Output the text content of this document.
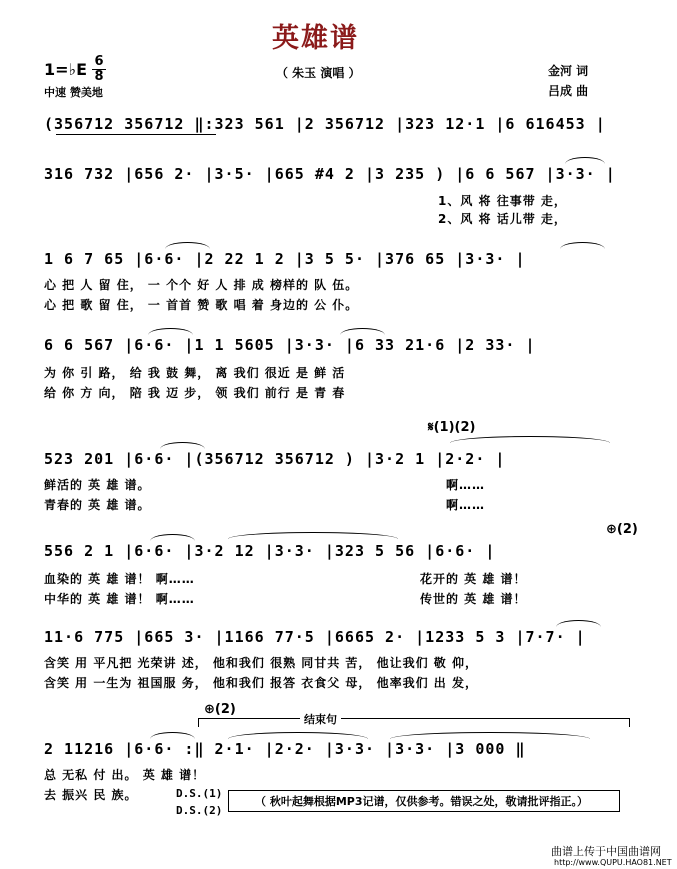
英雄谱
1=♭E 6
8
中速 赞美地
（ 朱玉 演唱 ）	金河 词
吕成 曲
(356712 356712 ‖:323 561 |2 356712 |323 12·1 |6 616453 |
316 732 |656 2· |3·5· |665 #4 2 |3 235 ) |6 6 567 |3·3· |
1、风 将 往事带 走，
2、风 将 话儿带 走，
1 6 7 65 |6·6· |2 22 1 2 |3 5 5· |376 65 |3·3· |
心 把 人 留 住， 一 个个 好 人 排 成 榜样的 队 伍。
心 把 歌 留 住， 一 首首 赞 歌 唱 着 身边的 公 仆。
6 6 567 |6·6· |1 1 5605 |3·3· |6 33 21·6 |2 33· |
为 你 引 路， 给 我 鼓 舞， 离 我们 很近 是 鲜 活
给 你 方 向， 陪 我 迈 步， 领 我们 前行 是 青 春
𝄋(1)(2)
523 201 |6·6· |(356712 356712 ) |3·2 1 |2·2· |
鲜活的 英 雄 谱。
青春的 英 雄 谱。
啊……
啊……
⊕(2)
556 2 1 |6·6· |3·2 12 |3·3· |323 5 56 |6·6· |
血染的 英 雄 谱！ 啊……
中华的 英 雄 谱！ 啊……
花开的 英 雄 谱！
传世的 英 雄 谱！
11·6 775 |665 3· |1166 77·5 |6665 2· |1233 5 3 |7·7· |
含笑 用 平凡把 光荣讲 述， 他和我们 很熟 同甘共 苦， 他让我们 敬 仰，
含笑 用 一生为 祖国服 务， 他和我们 报答 衣食父 母， 他率我们 出 发，
⊕(2)
结束句
2 11216 |6·6· :‖ 2·1· |2·2· |3·3· |3·3· |3 000 ‖
总 无私 付 出。 英 雄 谱！
去 振兴 民 族。	D.S.(1)
D.S.(2)
（ 秋叶起舞根据MP3记谱，仅供参考。错误之处，敬请批评指正。）
曲谱上传于中国曲谱网
http://www.QUPU.HAO81.NET
